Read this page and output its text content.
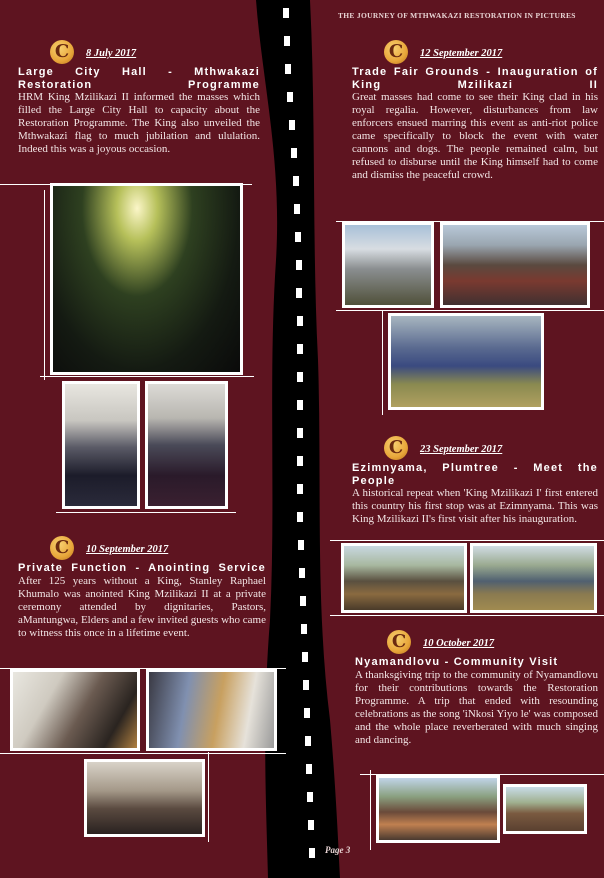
THE JOURNEY OF MTHWAKAZI RESTORATION IN PICTURES
C	8 July 2017
Large City Hall - Mthwakazi Restoration Programme
HRM King Mzilikazi II informed the masses which filled the Large City Hall to capacity about the Restoration Programme. The King also unveiled the Mthwakazi flag to much jubilation and ululation. Indeed this was a joyous occasion.
C	10 September 2017
Private Function - Anointing Service
After 125 years without a King, Stanley Raphael Khumalo was anointed King Mzilikazi II at a private ceremony attended by dignitaries, Pastors, aMantungwa, Elders and a few invited guests who came to witness this once in a lifetime event.
C	12 September 2017
Trade Fair Grounds - Inauguration of King Mzilikazi II
Great masses had come to see their King clad in his royal regalia. However, disturbances from law enforcers ensued marring this event as anti-riot police came specifically to block the event with water cannons and dogs. The people remained calm, but refused to disburse until the King himself had to come and dismiss the peaceful crowd.
C	23 September 2017
Ezimnyama, Plumtree - Meet the People
A historical repeat when 'King Mzilikazi I' first entered this country his first stop was at Ezimnyama. This was King Mzilikazi II's first visit after his inauguration.
C	10 October 2017
Nyamandlovu - Community Visit
A thanksgiving trip to the community of Nyamandlovu for their contributions towards the Restoration Programme. A trip that ended with resounding celebrations as the song 'iNkosi Yiyo le' was composed and the whole place reverberated with much singing and dancing.
Page 3
